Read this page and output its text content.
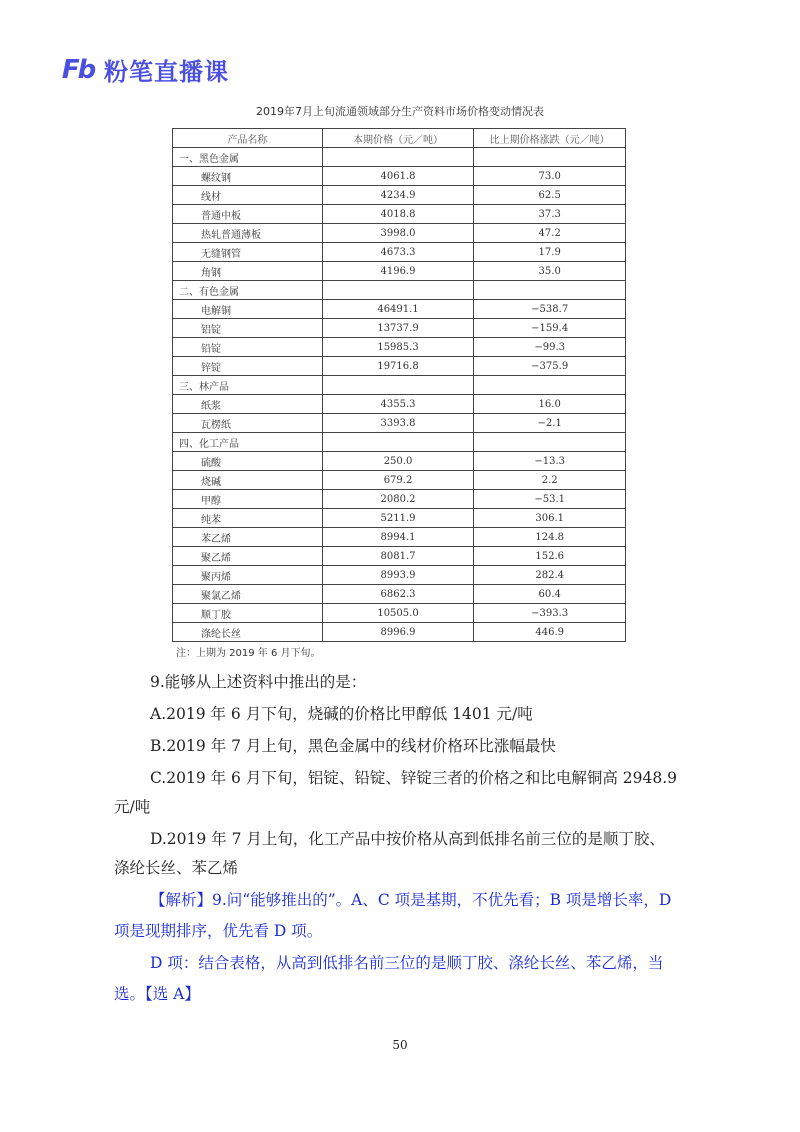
Fb 粉笔直播课
2019年7月上旬流通领域部分生产资料市场价格变动情况表
产品名称	本期价格（元／吨）	比上期价格涨跌（元／吨）
一、黑色金属		
螺纹钢	4061.8	73.0
线材	4234.9	62.5
普通中板	4018.8	37.3
热轧普通薄板	3998.0	47.2
无缝钢管	4673.3	17.9
角钢	4196.9	35.0
二、有色金属		
电解铜	46491.1	−538.7
铝锭	13737.9	−159.4
铅锭	15985.3	−99.3
锌锭	19716.8	−375.9
三、林产品		
纸浆	4355.3	16.0
瓦楞纸	3393.8	−2.1
四、化工产品		
硫酸	250.0	−13.3
烧碱	679.2	2.2
甲醇	2080.2	−53.1
纯苯	5211.9	306.1
苯乙烯	8994.1	124.8
聚乙烯	8081.7	152.6
聚丙烯	8993.9	282.4
聚氯乙烯	6862.3	60.4
顺丁胶	10505.0	−393.3
涤纶长丝	8996.9	446.9
注：上期为 2019 年 6 月下旬。
9.能够从上述资料中推出的是：
A.2019 年 6 月下旬，烧碱的价格比甲醇低 1401 元/吨
B.2019 年 7 月上旬，黑色金属中的线材价格环比涨幅最快
C.2019 年 6 月下旬，铝锭、铅锭、锌锭三者的价格之和比电解铜高 2948.9
元/吨
D.2019 年 7 月上旬，化工产品中按价格从高到低排名前三位的是顺丁胶、
涤纶长丝、苯乙烯
【解析】9.问“能够推出的”。A、C 项是基期，不优先看；B 项是增长率，D
项是现期排序，优先看 D 项。
D 项：结合表格，从高到低排名前三位的是顺丁胶、涤纶长丝、苯乙烯，当
选。【选 A】
50
